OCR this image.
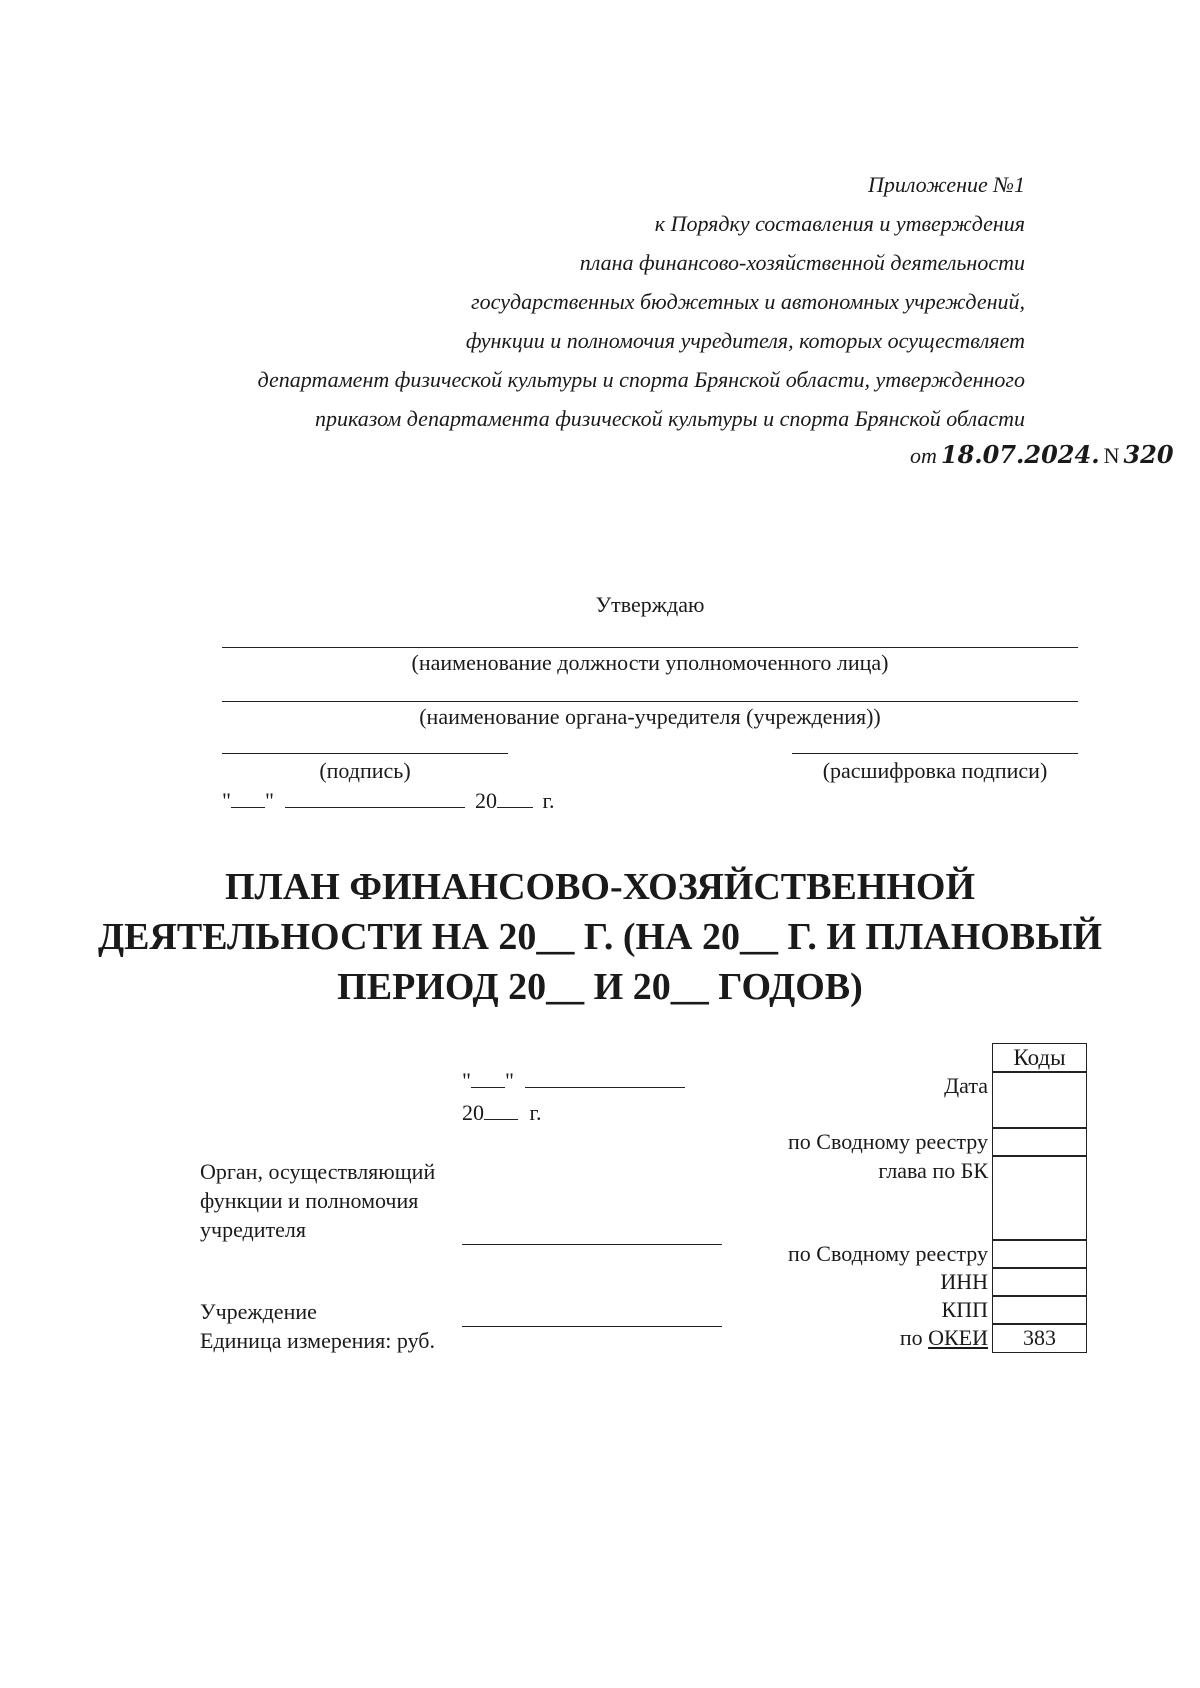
Приложение №1
к Порядку составления и утверждения
плана финансово-хозяйственной деятельности
государственных бюджетных и автономных учреждений,
функции и полномочия учредителя, которых осуществляет
департамент физической культуры и спорта Брянской области, утвержденного
приказом департамента физической культуры и спорта Брянской области
от 18.07.2024. N 320
Утверждаю
(наименование должности уполномоченного лица)
(наименование органа-учредителя (учреждения))
(подпись)	(расшифровка подписи)
" "	20 г.
ПЛАН ФИНАНСОВО-ХОЗЯЙСТВЕННОЙ
ДЕЯТЕЛЬНОСТИ НА 20__ Г. (НА 20__ Г. И ПЛАНОВЫЙ
ПЕРИОД 20__ И 20__ ГОДОВ)
" "
20 г.
Орган, осуществляющий
функции и полномочия
учредителя
Учреждение
Единица измерения: руб.
Коды
383
Дата
по Сводному реестру
глава по БК
по Сводному реестру
ИНН
КПП
по ОКЕИ
